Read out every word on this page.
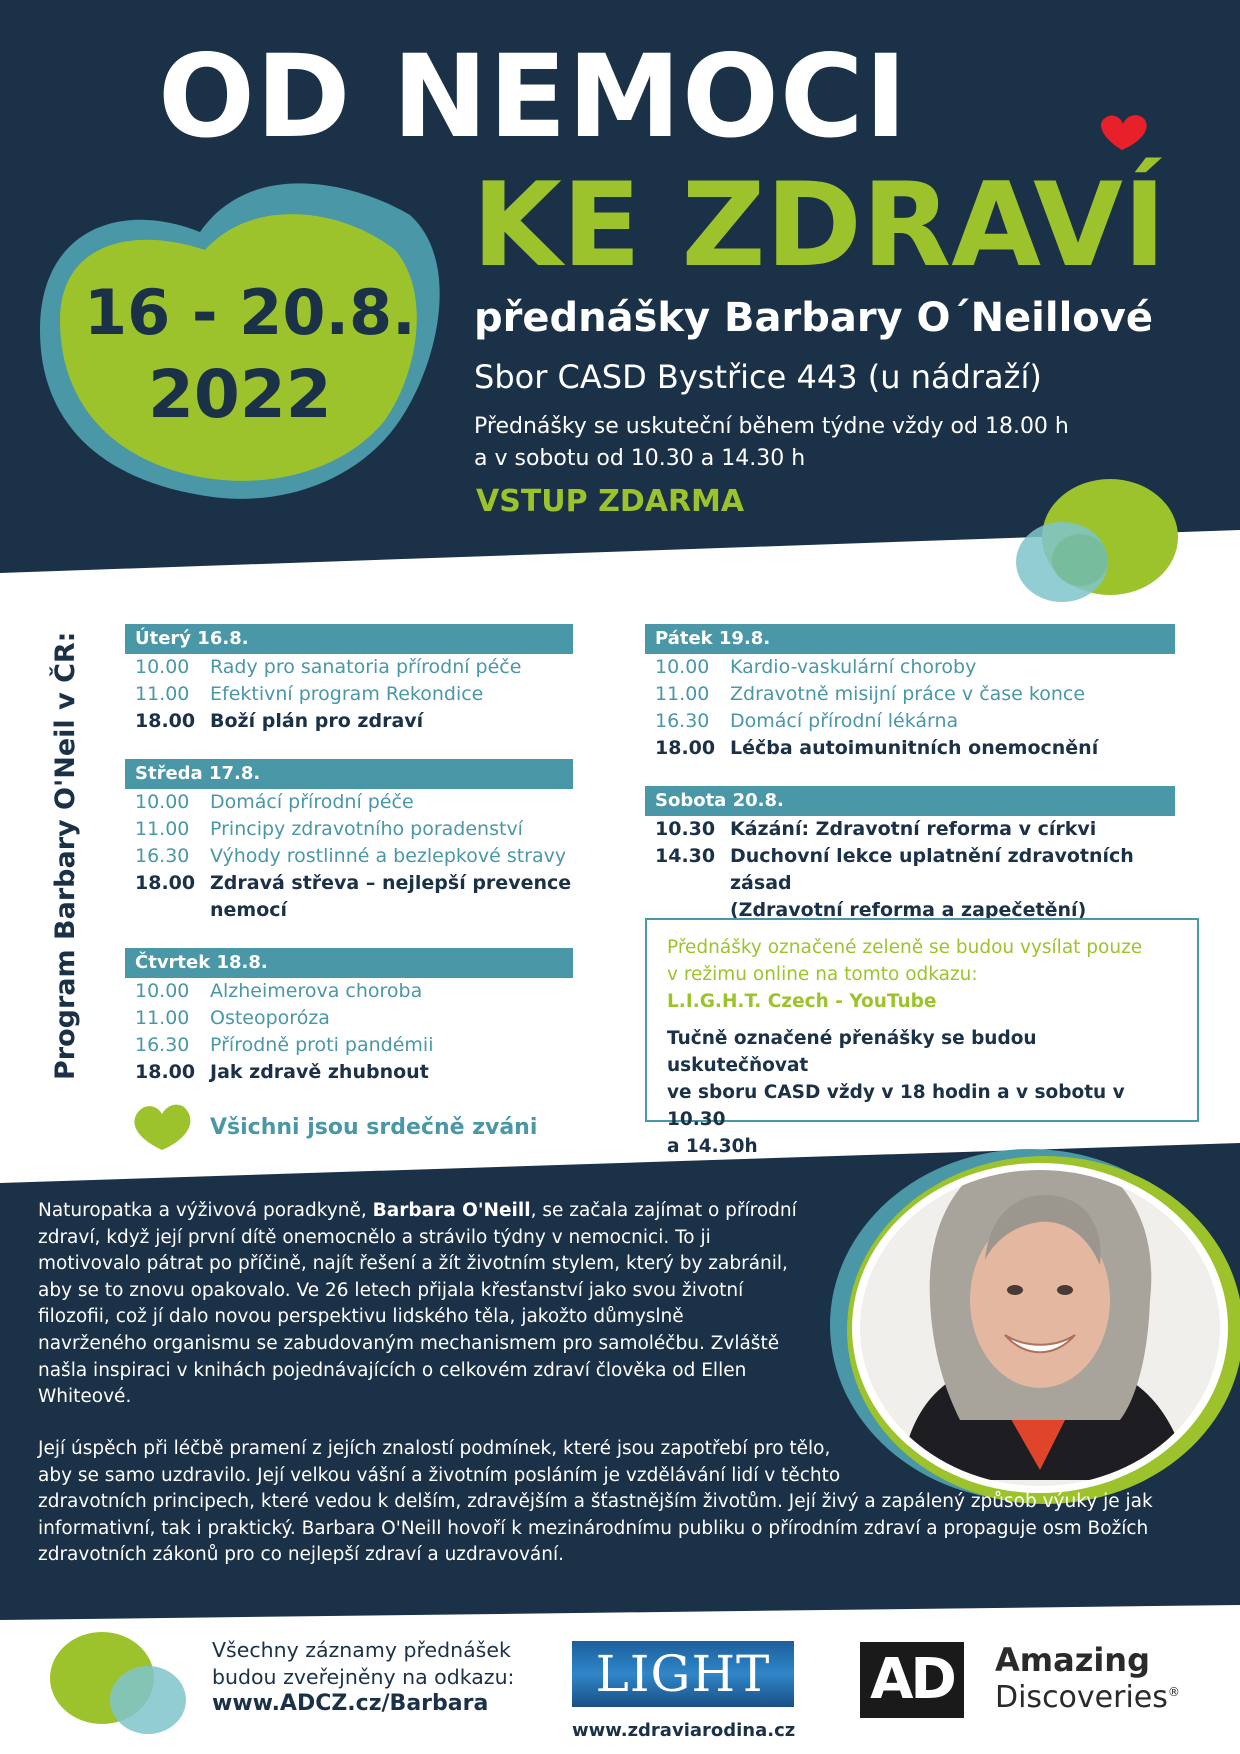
OD NEMOCI
KE ZDRAVÍ
přednášky Barbary O´Neillové
Sbor CASD Bystřice 443 (u nádraží)
Přednášky se uskuteční během týdne vždy od 18.00 h
a v sobotu od 10.30 a 14.30 h
VSTUP ZDARMA
16 - 20.8.
2022
Program Barbary O'Neil v ČR:	Úterý 16.8.
10.00	Rady pro sanatoria přírodní péče
11.00	Efektivní program Rekondice
18.00 Boží plán pro zdraví
Středa 17.8.
10.00	Domácí přírodní péče
11.00	Principy zdravotního poradenství
16.30	Výhody rostlinné a bezlepkové stravy
18.00 Zdravá střeva – nejlepší prevence
nemocí
Čtvrtek 18.8.
10.00	Alzheimerova choroba
11.00	Osteoporóza
16.30	Přírodně proti pandémii
18.00 Jak zdravě zhubnout
Pátek 19.8.
10.00	Kardio-vaskulární choroby
11.00	Zdravotně misijní práce v čase konce
16.30	Domácí přírodní lékárna
18.00 Léčba autoimunitních onemocnění
Sobota 20.8.
10.30 Kázání: Zdravotní reforma v církvi
14.30 Duchovní lekce uplatnění zdravotních zásad
(Zdravotní reforma a zapečetění)
Všichni jsou srdečně zváni
Přednášky označené zeleně se budou vysílat pouze
v režimu online na tomto odkazu:
L.I.G.H.T. Czech - YouTube
Tučně označené přenášky se budou uskutečňovat
ve sboru CASD vždy v 18 hodin a v sobotu v 10.30
a 14.30h
Naturopatka a výživová poradkyně, Barbara O'Neill, se začala zajímat o přírodní
zdraví, když její první dítě onemocnělo a strávilo týdny v nemocnici. To ji
motivovalo pátrat po příčině, najít řešení a žít životním stylem, který by zabránil,
aby se to znovu opakovalo. Ve 26 letech přijala křesťanství jako svou životní
filozofii, což jí dalo novou perspektivu lidského těla, jakožto důmyslně
navrženého organismu se zabudovaným mechanismem pro samoléčbu. Zvláště
našla inspiraci v knihách pojednávajících o celkovém zdraví člověka od Ellen
Whiteové.
Její úspěch při léčbě pramení z jejích znalostí podmínek, které jsou zapotřebí pro tělo,
aby se samo uzdravilo. Její velkou vášní a životním posláním je vzdělávání lidí v těchto
zdravotních principech, které vedou k delším, zdravějším a šťastnějším životům. Její živý a zapálený způsob výuky je jak
informativní, tak i praktický. Barbara O'Neill hovoří k mezinárodnímu publiku o přírodním zdraví a propaguje osm Božích
zdravotních zákonů pro co nejlepší zdraví a uzdravování.
Všechny záznamy přednášek
budou zveřejněny na odkazu:
www.ADCZ.cz/Barbara
LIGHT
www.zdraviarodina.cz
AD	Amazing
Discoveries®
